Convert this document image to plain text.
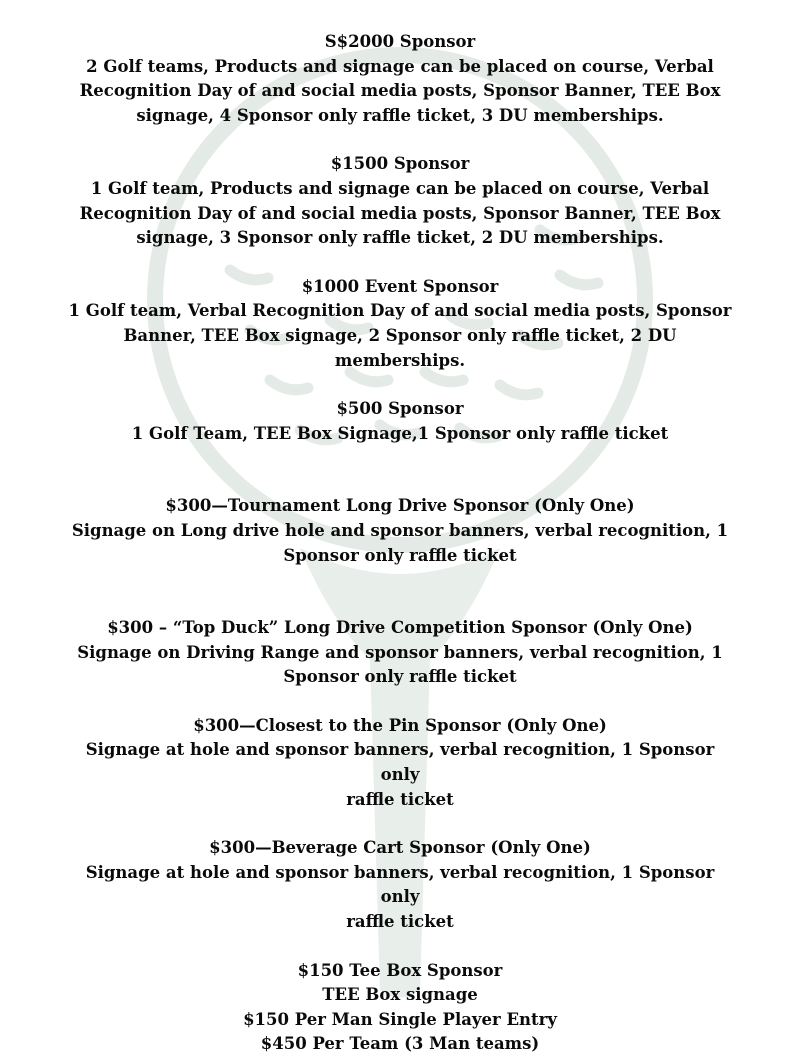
S$2000 Sponsor
2 Golf teams, Products and signage can be placed on course, Verbal
Recognition Day of and social media posts, Sponsor Banner, TEE Box
signage, 4 Sponsor only raffle ticket, 3 DU memberships.
$1500 Sponsor
1 Golf team, Products and signage can be placed on course, Verbal
Recognition Day of and social media posts, Sponsor Banner, TEE Box
signage, 3 Sponsor only raffle ticket, 2 DU memberships.
$1000 Event Sponsor
1 Golf team, Verbal Recognition Day of and social media posts, Sponsor
Banner, TEE Box signage, 2 Sponsor only raffle ticket, 2 DU memberships.
$500 Sponsor
1 Golf Team, TEE Box Signage,1 Sponsor only raffle ticket
$300—Tournament Long Drive Sponsor (Only One)
Signage on Long drive hole and sponsor banners, verbal recognition, 1
Sponsor only raffle ticket
$300 – “Top Duck” Long Drive Competition Sponsor (Only One)
Signage on Driving Range and sponsor banners, verbal recognition, 1
Sponsor only raffle ticket
$300—Closest to the Pin Sponsor (Only One)
Signage at hole and sponsor banners, verbal recognition, 1 Sponsor only
raffle ticket
$300—Beverage Cart Sponsor (Only One)
Signage at hole and sponsor banners, verbal recognition, 1 Sponsor only
raffle ticket
$150 Tee Box Sponsor
TEE Box signage
$150 Per Man Single Player Entry
$450 Per Team (3 Man teams)
